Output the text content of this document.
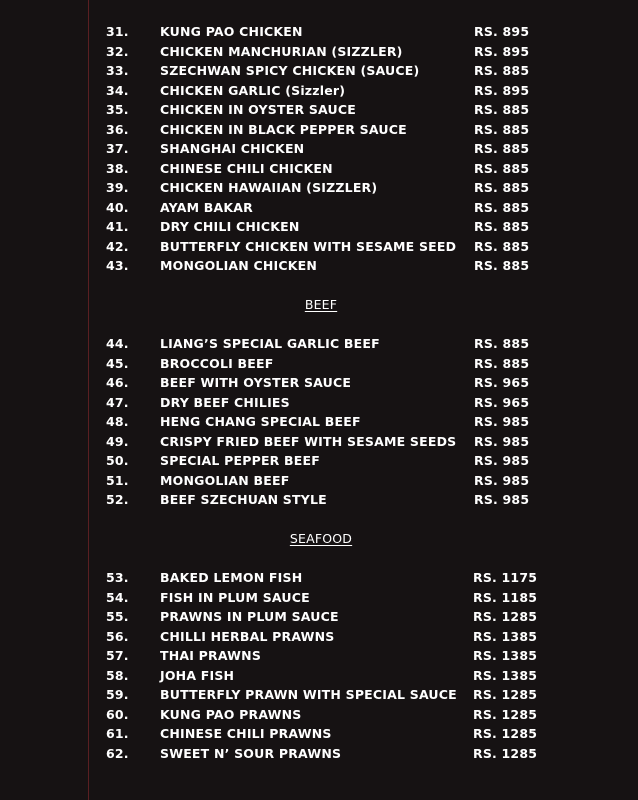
31.	KUNG PAO CHICKEN	RS. 895
32.	CHICKEN MANCHURIAN (SIZZLER)	RS. 895
33.	SZECHWAN SPICY CHICKEN (SAUCE)	RS. 885
34.	CHICKEN GARLIC (Sizzler)	RS. 895
35.	CHICKEN IN OYSTER SAUCE	RS. 885
36.	CHICKEN IN BLACK PEPPER SAUCE	RS. 885
37.	SHANGHAI CHICKEN	RS. 885
38.	CHINESE CHILI CHICKEN	RS. 885
39.	CHICKEN HAWAIIAN (SIZZLER)	RS. 885
40.	AYAM BAKAR	RS. 885
41.	DRY CHILI CHICKEN	RS. 885
42.	BUTTERFLY CHICKEN WITH SESAME SEED RS. 885
43.	MONGOLIAN CHICKEN	RS. 885
BEEF
44.	LIANG’S SPECIAL GARLIC BEEF	RS. 885
45.	BROCCOLI BEEF	RS. 885
46.	BEEF WITH OYSTER SAUCE	RS. 965
47.	DRY BEEF CHILIES	RS. 965
48.	HENG CHANG SPECIAL BEEF	RS. 985
49.	CRISPY FRIED BEEF WITH SESAME SEEDS RS. 985
50.	SPECIAL PEPPER BEEF	RS. 985
51.	MONGOLIAN BEEF	RS. 985
52.	BEEF SZECHUAN STYLE	RS. 985
SEAFOOD
53.	BAKED LEMON FISH	RS. 1175
54.	FISH IN PLUM SAUCE	RS. 1185
55.	PRAWNS IN PLUM SAUCE	RS. 1285
56.	CHILLI HERBAL PRAWNS	RS. 1385
57.	THAI PRAWNS	RS. 1385
58.	JOHA FISH	RS. 1385
59.	BUTTERFLY PRAWN WITH SPECIAL SAUCE RS. 1285
60.	KUNG PAO PRAWNS	RS. 1285
61.	CHINESE CHILI PRAWNS	RS. 1285
62.	SWEET N’ SOUR PRAWNS	RS. 1285
